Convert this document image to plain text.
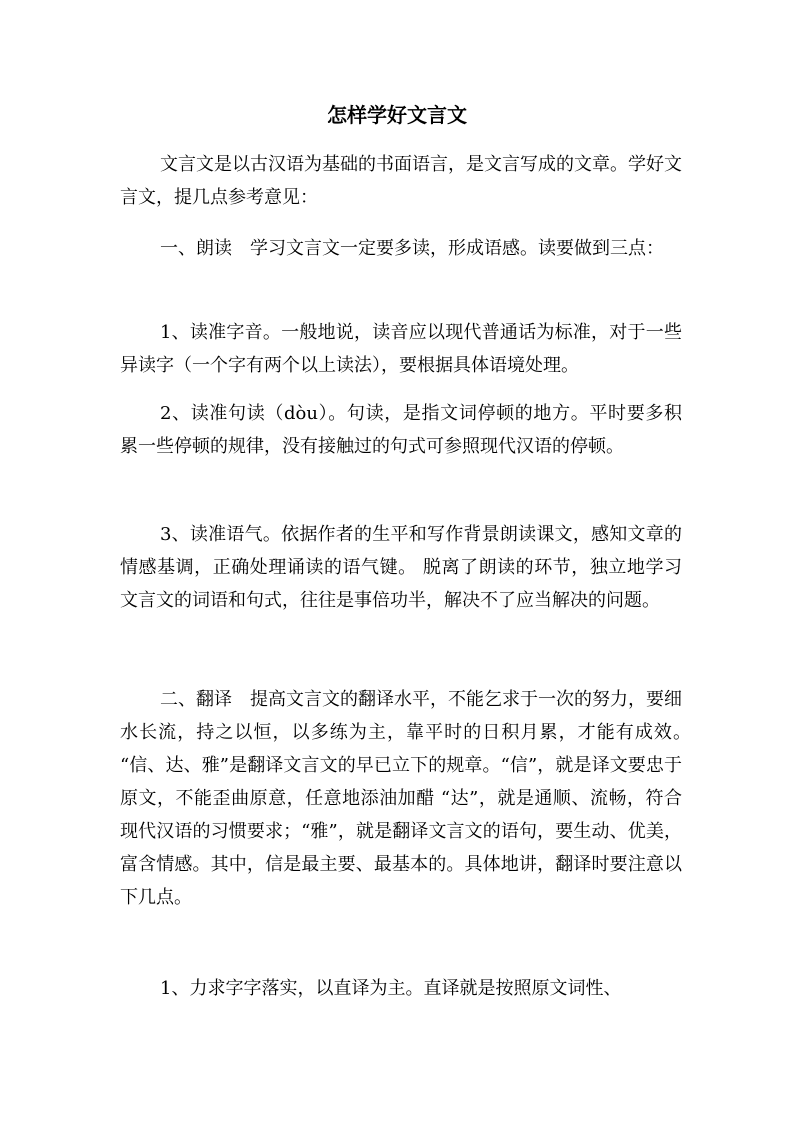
怎样学好文言文
文言文是以古汉语为基础的书面语言，是文言写成的文章。学好文言文，提几点参考意见：
一、朗读　学习文言文一定要多读，形成语感。读要做到三点：
1、读准字音。一般地说，读音应以现代普通话为标准，对于一些异读字（一个字有两个以上读法），要根据具体语境处理。
2、读准句读（dòu）。句读，是指文词停顿的地方。平时要多积累一些停顿的规律，没有接触过的句式可参照现代汉语的停顿。
3、读准语气。依据作者的生平和写作背景朗读课文，感知文章的情感基调，正确处理诵读的语气键。 脱离了朗读的环节，独立地学习文言文的词语和句式，往往是事倍功半，解决不了应当解决的问题。
二、翻译　提高文言文的翻译水平，不能乞求于一次的努力，要细水长流，持之以恒，以多练为主，靠平时的日积月累，才能有成效。　 “信、达、雅”是翻译文言文的早已立下的规章。“信”，就是译文要忠于原文，不能歪曲原意，任意地添油加醋 “达”，就是通顺、流畅，符合现代汉语的习惯要求；“雅”，就是翻译文言文的语句，要生动、优美，富含情感。其中，信是最主要、最基本的。具体地讲，翻译时要注意以下几点。
1、力求字字落实，以直译为主。直译就是按照原文词性、
